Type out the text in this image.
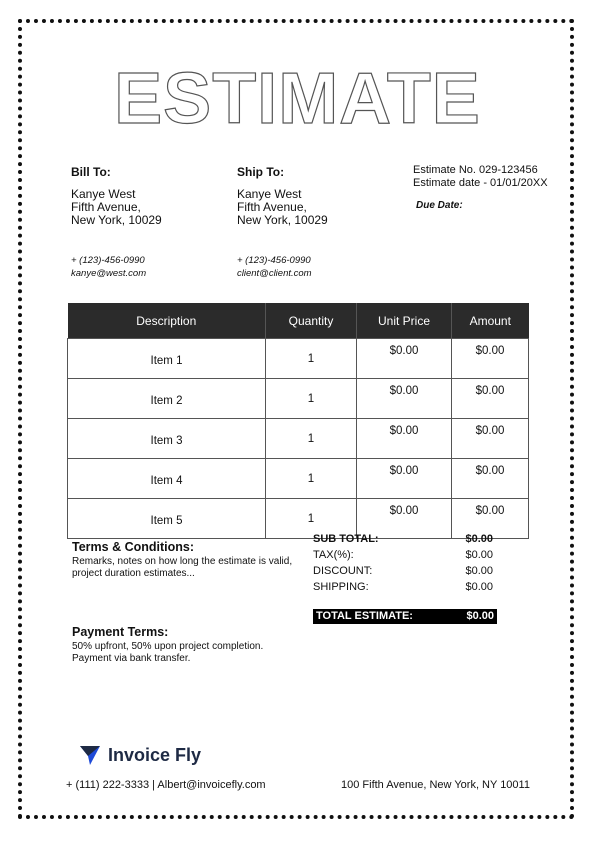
ESTIMATE
Bill To:
Kanye West
Fifth Avenue,
New York, 10029
+ (123)-456-0990
kanye@west.com
Ship To:
Kanye West
Fifth Avenue,
New York, 10029
+ (123)-456-0990
client@client.com
Estimate No. 029-123456
Estimate date - 01/01/20XX
Due Date:
Description	Quantity	Unit Price	Amount
Item 1	1	$0.00	$0.00
Item 2	1	$0.00	$0.00
Item 3	1	$0.00	$0.00
Item 4	1	$0.00	$0.00
Item 5	1	$0.00	$0.00
Terms & Conditions:
Remarks, notes on how long the estimate is valid,
project duration estimates...
Payment Terms:
50% upfront, 50% upon project completion.
Payment via bank transfer.
SUB TOTAL:	$0.00
TAX(%):	$0.00
DISCOUNT:	$0.00
SHIPPING:	$0.00
TOTAL ESTIMATE:	$0.00
Invoice Fly
+ (111) 222-3333 | Albert@invoicefly.com	100 Fifth Avenue, New York, NY 10011
